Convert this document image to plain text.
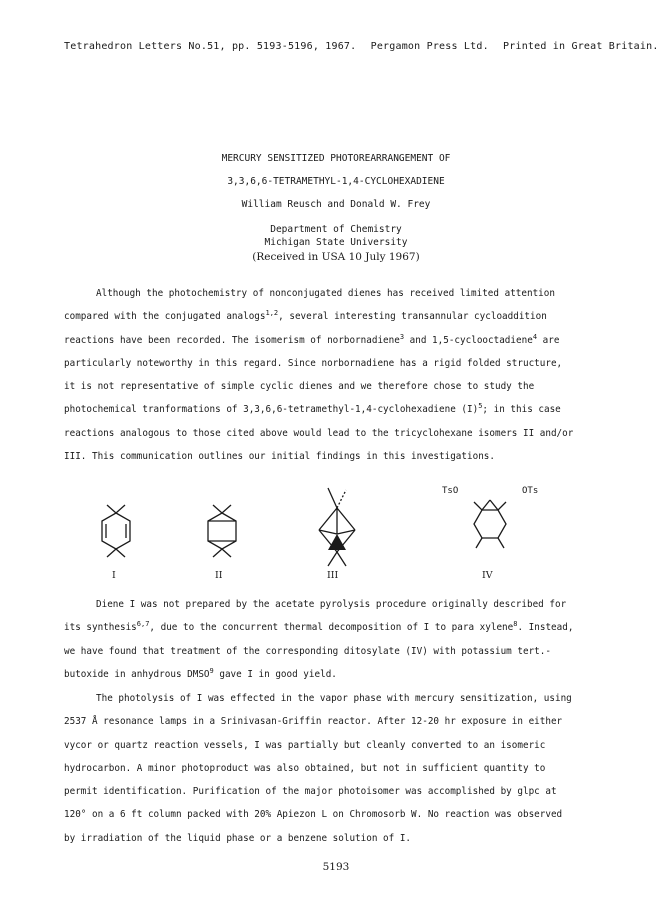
Tetrahedron Letters No.51, pp. 5193-5196, 1967. Pergamon Press Ltd. Printed in Great Britain.
MERCURY SENSITIZED PHOTOREARRANGEMENT OF
3,3,6,6-TETRAMETHYL-1,4-CYCLOHEXADIENE
William Reusch and Donald W. Frey
Department of Chemistry
Michigan State University
(Received in USA 10 July 1967)
Although the photochemistry of nonconjugated dienes has received limited attention
compared with the conjugated analogs$^{1,2}$, several interesting transannular cycloaddition
reactions have been recorded. The isomerism of norbornadiene$^3$ and 1,5-cyclooctadiene$^4$ are
particularly noteworthy in this regard. Since norbornadiene has a rigid folded structure,
it is not representative of simple cyclic dienes and we therefore chose to study the
photochemical tranformations of 3,3,6,6-tetramethyl-1,4-cyclohexadiene $(I)^5$; in this case
reactions analogous to those cited above would lead to the tricyclohexane isomers II and/or
III. This communication outlines our initial findings in this investigations.
TsO	OTs
I	II	III	IV
Diene I was not prepared by the acetate pyrolysis procedure originally described for
its synthesis$^{6,7}$, due to the concurrent thermal decomposition of I to para xylene$^8$. Instead,
we have found that treatment of the corresponding ditosylate (IV) with potassium tert.-
butoxide in anhydrous DMSO$^9$ gave I in good yield.
The photolysis of I was effected in the vapor phase with mercury sensitization, using
2537 Å resonance lamps in a Srinivasan-Griffin reactor. After 12-20 hr exposure in either
vycor or quartz reaction vessels, I was partially but cleanly converted to an isomeric
hydrocarbon. A minor photoproduct was also obtained, but not in sufficient quantity to
permit identification. Purification of the major photoisomer was accomplished by glpc at
120° on a 6 ft column packed with 20% Apiezon L on Chromosorb W. No reaction was observed
by irradiation of the liquid phase or a benzene solution of I.
5193
